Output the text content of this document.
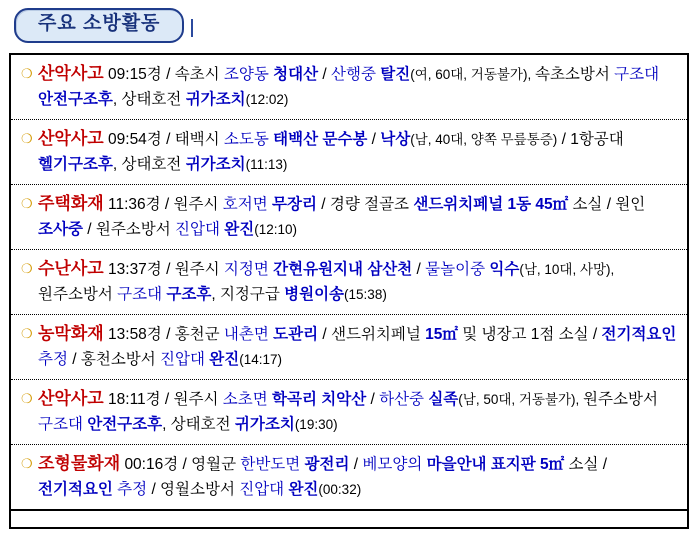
주요 소방활동
❍ 산악사고 09:15경 / 속초시 조양동 청대산 / 산행중 탈진(여, 60대, 거동불가), 속초소방서 구조대 안전구조후, 상태호전 귀가조치(12:02)
❍ 산악사고 09:54경 / 태백시 소도동 태백산 문수봉 / 낙상(남, 40대, 양쪽 무릎통증) / 1항공대 헬기구조후, 상태호전 귀가조치(11:13)
❍ 주택화재 11:36경 / 원주시 호저면 무장리 / 경량 절골조 샌드위치페널 1동 45㎡ 소실 / 원인 조사중 / 원주소방서 진압대 완진(12:10)
❍ 수난사고 13:37경 / 원주시 지정면 간현유원지내 삼산천 / 물놀이중 익수(남, 10대, 사망), 원주소방서 구조대 구조후, 지정구급 병원이송(15:38)
❍ 농막화재 13:58경 / 홍천군 내촌면 도관리 / 샌드위치페널 15㎡ 및 냉장고 1점 소실 / 전기적요인 추정 / 홍천소방서 진압대 완진(14:17)
❍ 산악사고 18:11경 / 원주시 소초면 학곡리 치악산 / 하산중 실족(남, 50대, 거동불가), 원주소방서 구조대 안전구조후, 상태호전 귀가조치(19:30)
❍ 조형물화재 00:16경 / 영월군 한반도면 광전리 / 베모양의 마을안내 표지판 5㎡ 소실 / 전기적요인 추정 / 영월소방서 진압대 완진(00:32)
